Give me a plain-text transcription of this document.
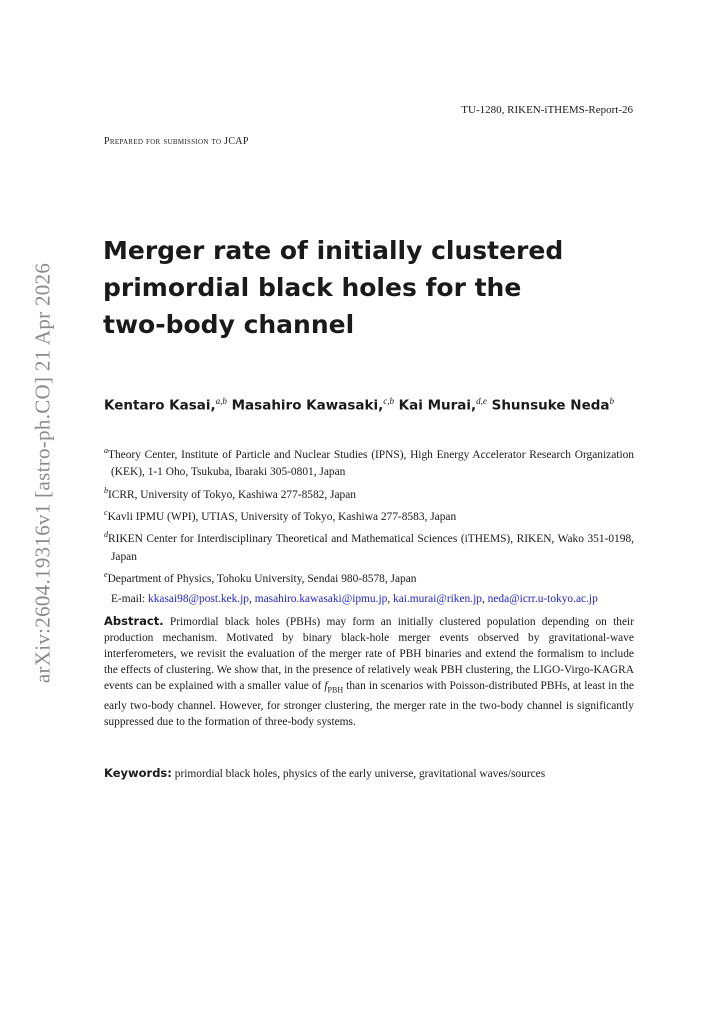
arXiv:2604.19316v1 [astro-ph.CO] 21 Apr 2026
TU-1280, RIKEN-iTHEMS-Report-26
Prepared for submission to JCAP
Merger rate of initially clustered
primordial black holes for the
two-body channel
Kentaro Kasai,$^{a,b}$ Masahiro Kawasaki,$^{c,b}$ Kai Murai,$^{d,e}$ Shunsuke Neda$^b$
$^a$Theory Center, Institute of Particle and Nuclear Studies (IPNS), High Energy Accelerator Research Organization (KEK), 1-1 Oho, Tsukuba, Ibaraki 305-0801, Japan
$^b$ICRR, University of Tokyo, Kashiwa 277-8582, Japan
$^c$Kavli IPMU (WPI), UTIAS, University of Tokyo, Kashiwa 277-8583, Japan
$^d$RIKEN Center for Interdisciplinary Theoretical and Mathematical Sciences (iTHEMS), RIKEN, Wako 351-0198, Japan
$^e$Department of Physics, Tohoku University, Sendai 980-8578, Japan
E-mail: kkasai98@post.kek.jp, masahiro.kawasaki@ipmu.jp, kai.murai@riken.jp, neda@icrr.u-tokyo.ac.jp
Abstract. Primordial black holes (PBHs) may form an initially clustered population depending on their production mechanism. Motivated by binary black-hole merger events observed by gravitational-wave interferometers, we revisit the evaluation of the merger rate of PBH binaries and extend the formalism to include the effects of clustering. We show that, in the presence of relatively weak PBH clustering, the LIGO-Virgo-KAGRA events can be explained with a smaller value of $f_{PBH}$ than in scenarios with Poisson-distributed PBHs, at least in the early two-body channel. However, for stronger clustering, the merger rate in the two-body channel is significantly suppressed due to the formation of three-body systems.
Keywords: primordial black holes, physics of the early universe, gravitational waves/sources
